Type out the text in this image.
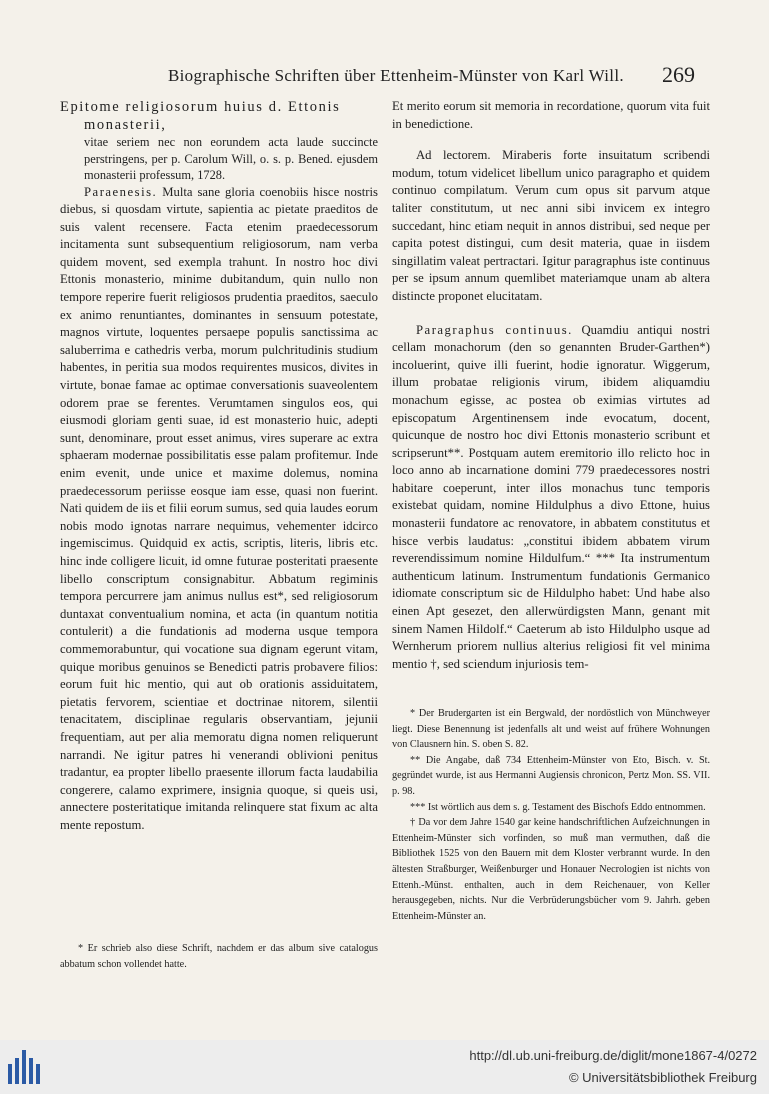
Biographische Schriften über Ettenheim-Münster von Karl Will. 269

Epitome religiosorum huius d. Ettonis

monasterii,

vitae seriem nec non eorundem acta laude succincte perstringens, per p. Carolum Will, o. s. p. Bened. ejusdem monasterii professum, 1728.

Paraenesis. Multa sane gloria coenobiis hisce nostris diebus, si quosdam virtute, sapientia ac pietate praeditos de suis valent recensere. Facta etenim praedecessorum incitamenta sunt subsequentium religiosorum, nam verba quidem movent, sed exempla trahunt. In nostro hoc divi Ettonis monasterio, minime dubitandum, quin nullo non tempore reperire fuerit religiosos prudentia praeditos, saeculo ex animo renuntiantes, dominantes in sensuum potestate, magnos virtute, loquentes persaepe populis sanctissima ac saluberrima e cathedris verba, morum pulchritudinis studium habentes, in peritia sua modos requirentes musicos, divites in virtute, bonae famae ac optimae conversationis suaveolentem odorem prae se ferentes. Verumtamen singulos eos, qui eiusmodi gloriam genti suae, id est monasterio huic, adepti sunt, denominare, prout esset animus, vires superare ac extra sphaeram modernae possibilitatis esse palam profitemur. Inde enim evenit, unde unice et maxime dolemus, nomina praedecessorum periisse eosque iam esse, quasi non fuerint. Nati quidem de iis et filii eorum sumus, sed quia laudes eorum nobis modo ignotas narrare nequimus, vehementer idcirco ingemiscimus. Quidquid ex actis, scriptis, literis, libris etc. hinc inde colligere licuit, id omne futurae posteritati praesente libello conscriptum consignabitur. Abbatum regiminis tempora percurrere jam animus nullus est*, sed religiosorum duntaxat conventualium nomina, et acta (in quantum notitia contulerit) a die fundationis ad moderna usque tempora commemorabuntur, qui vocatione sua dignam egerunt vitam, quique moribus genuinos se Benedicti patris probavere filios: eorum fuit hic mentio, qui aut ob orationis assiduitatem, pietatis fervorem, scientiae et doctrinae nitorem, silentii tenacitatem, disciplinae regularis observantiam, jejunii frequentiam, aut per alia memoratu digna nomen reliquerunt narrandi. Ne igitur patres hi venerandi oblivioni penitus tradantur, ea propter libello praesente illorum facta laudabilia congerere, calamo exprimere, insignia quoque, si queis usi, annectere posteritatique imitanda relinquere stat fixum ac alta mente repostum.

* Er schrieb also diese Schrift, nachdem er das album sive catalogus abbatum schon vollendet hatte.

Et merito eorum sit memoria in recordatione, quorum vita fuit in benedictione.

Ad lectorem. Miraberis forte insuitatum scribendi modum, totum videlicet libellum unico paragrapho et quidem continuo compilatum. Verum cum opus sit parvum atque taliter constitutum, ut nec anni sibi invicem ex integro succedant, hinc etiam nequit in annos distribui, sed neque per capita potest distingui, cum desit materia, quae in iisdem singillatim valeat pertractari. Igitur paragraphus iste continuus per se ipsum annum quemlibet materiamque unam ab altera distincte proponet elucitatam.

Paragraphus continuus. Quamdiu antiqui nostri cellam monachorum (den so genannten Bruder-Garthen*) incoluerint, quive illi fuerint, hodie ignoratur. Wiggerum, illum probatae religionis virum, ibidem aliquamdiu monachum egisse, ac postea ob eximias virtutes ad episcopatum Argentinensem inde evocatum, docent, quicunque de nostro hoc divi Ettonis monasterio scribunt et scripserunt**. Postquam autem eremitorio illo relicto hoc in loco anno ab incarnatione domini 779 praedecessores nostri habitare coeperunt, inter illos monachus tunc temporis existebat quidam, nomine Hildulphus a divo Ettone, huius monasterii fundatore ac renovatore, in abbatem constitutus et hisce verbis laudatus: „constitui ibidem abbatem virum reverendissimum nomine Hildulfum.“ *** Ita instrumentum authenticum latinum. Instrumentum fundationis Germanico idiomate conscriptum sic de Hildulpho habet: Und habe also einen Apt gesezet, den allerwürdigsten Mann, genant mit sinem Namen Hildolf.“ Caeterum ab isto Hildulpho usque ad Wernherum priorem nullius alterius religiosi fit vel minima mentio †, sed sciendum injuriosis tem-

* Der Brudergarten ist ein Bergwald, der nordöstlich von Münchweyer liegt. Diese Benennung ist jedenfalls alt und weist auf frühere Wohnungen von Clausnern hin. S. oben S. 82.

** Die Angabe, daß 734 Ettenheim-Münster von Eto, Bisch. v. St. gegründet wurde, ist aus Hermanni Augiensis chronicon, Pertz Mon. SS. VII. p. 98.

*** Ist wörtlich aus dem s. g. Testament des Bischofs Eddo entnommen.

† Da vor dem Jahre 1540 gar keine handschriftlichen Aufzeichnungen in Ettenheim-Münster sich vorfinden, so muß man vermuthen, daß die Bibliothek 1525 von den Bauern mit dem Kloster verbrannt wurde. In den ältesten Straßburger, Weißenburger und Honauer Necrologien ist nichts von Ettenh.-Münst. enthalten, auch in dem Reichenauer, von Keller herausgegeben, nichts. Nur die Verbrüderungsbücher vom 9. Jahrh. geben Ettenheim-Münster an.

http://dl.ub.uni-freiburg.de/diglit/mone1867-4/0272
© Universitätsbibliothek Freiburg
